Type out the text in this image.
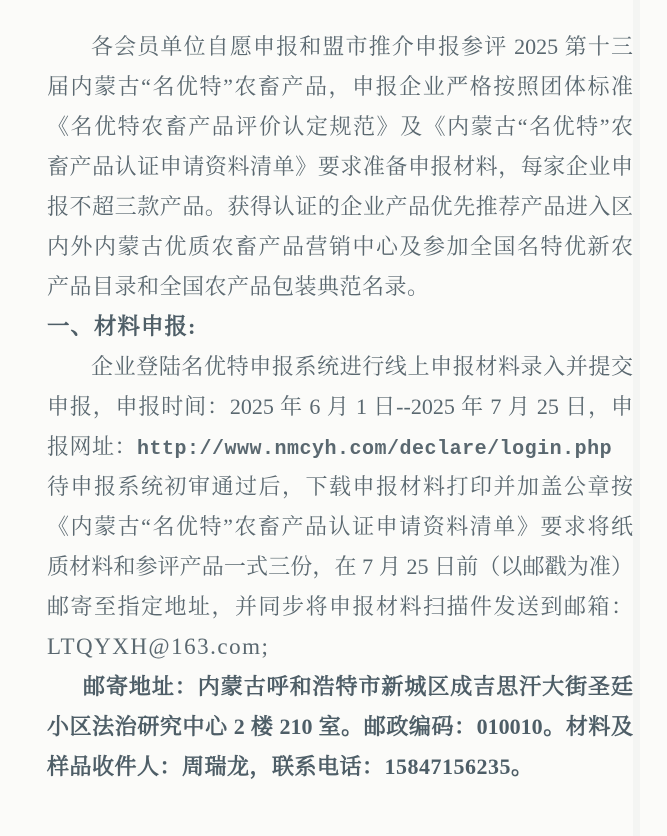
各会员单位自愿申报和盟市推介申报参评 2025 第十三
届内蒙古“名优特”农畜产品，申报企业严格按照团体标准
《名优特农畜产品评价认定规范》及《内蒙古“名优特”农
畜产品认证申请资料清单》要求准备申报材料，每家企业申
报不超三款产品。获得认证的企业产品优先推荐产品进入区
内外内蒙古优质农畜产品营销中心及参加全国名特优新农
产品目录和全国农产品包装典范名录。
一、材料申报:
企业登陆名优特申报系统进行线上申报材料录入并提交
申报，申报时间：2025 年 6 月 1 日--2025 年 7 月 25 日，申
报网址：http://www.nmcyh.com/declare/login.php
待申报系统初审通过后，下载申报材料打印并加盖公章按
《内蒙古“名优特”农畜产品认证申请资料清单》要求将纸
质材料和参评产品一式三份，在 7 月 25 日前（以邮戳为准）
邮寄至指定地址，并同步将申报材料扫描件发送到邮箱：
LTQYXH@163.com;
邮寄地址：内蒙古呼和浩特市新城区成吉思汗大街圣廷
小区法治研究中心 2 楼 210 室。邮政编码：010010。材料及
样品收件人：周瑞龙，联系电话：15847156235。
